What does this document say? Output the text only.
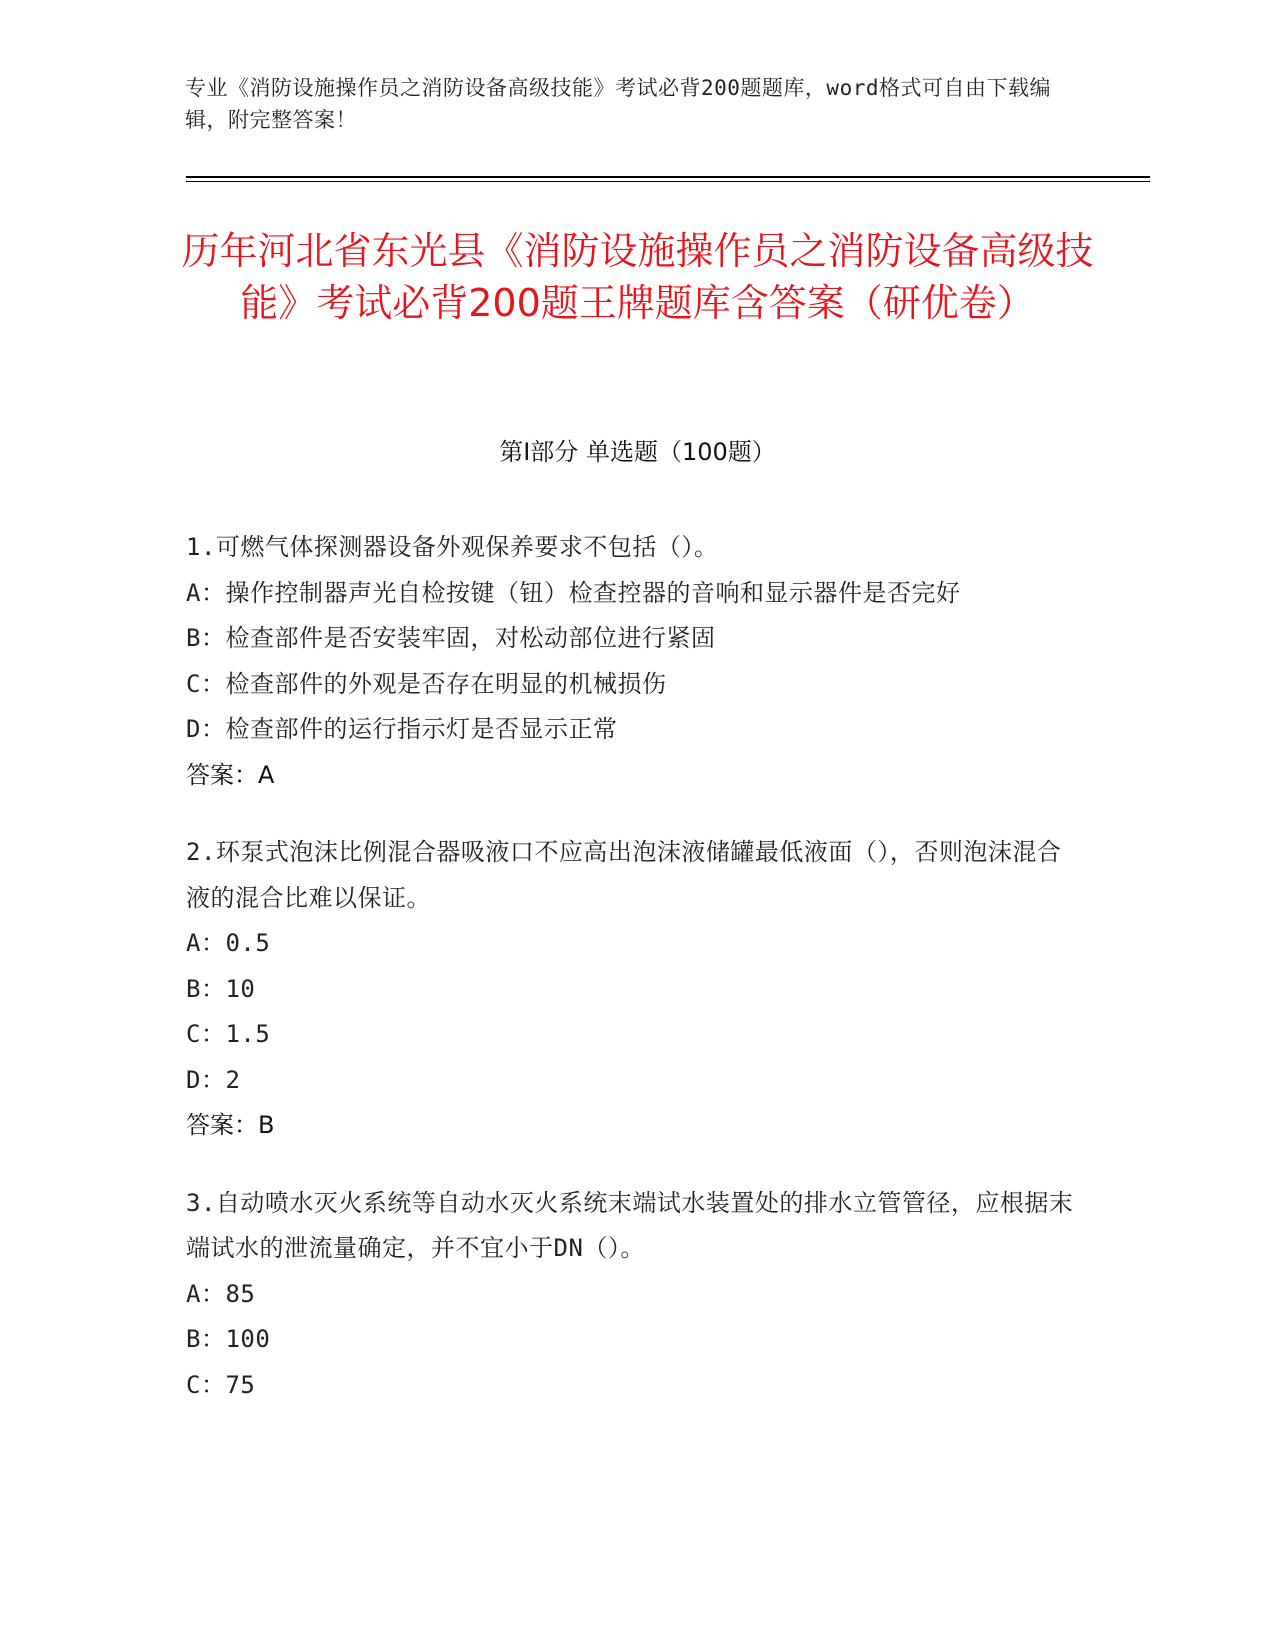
专业《消防设施操作员之消防设备高级技能》考试必背200题题库，word格式可自由下载编辑，附完整答案！
历年河北省东光县《消防设施操作员之消防设备高级技能》考试必背200题王牌题库含答案（研优卷）
第I部分 单选题（100题）

1.可燃气体探测器设备外观保养要求不包括（）。

A：操作控制器声光自检按键（钮）检查控器的音响和显示器件是否完好

B：检查部件是否安装牢固，对松动部位进行紧固

C：检查部件的外观是否存在明显的机械损伤

D：检查部件的运行指示灯是否显示正常

答案：A

2.环泵式泡沫比例混合器吸液口不应高出泡沫液储罐最低液面（），否则泡沫混合液的混合比难以保证。

A：0.5

B：10

C：1.5

D：2

答案：B

3.自动喷水灭火系统等自动水灭火系统末端试水装置处的排水立管管径，应根据末端试水的泄流量确定，并不宜小于DN（）。

A：85

B：100

C：75
